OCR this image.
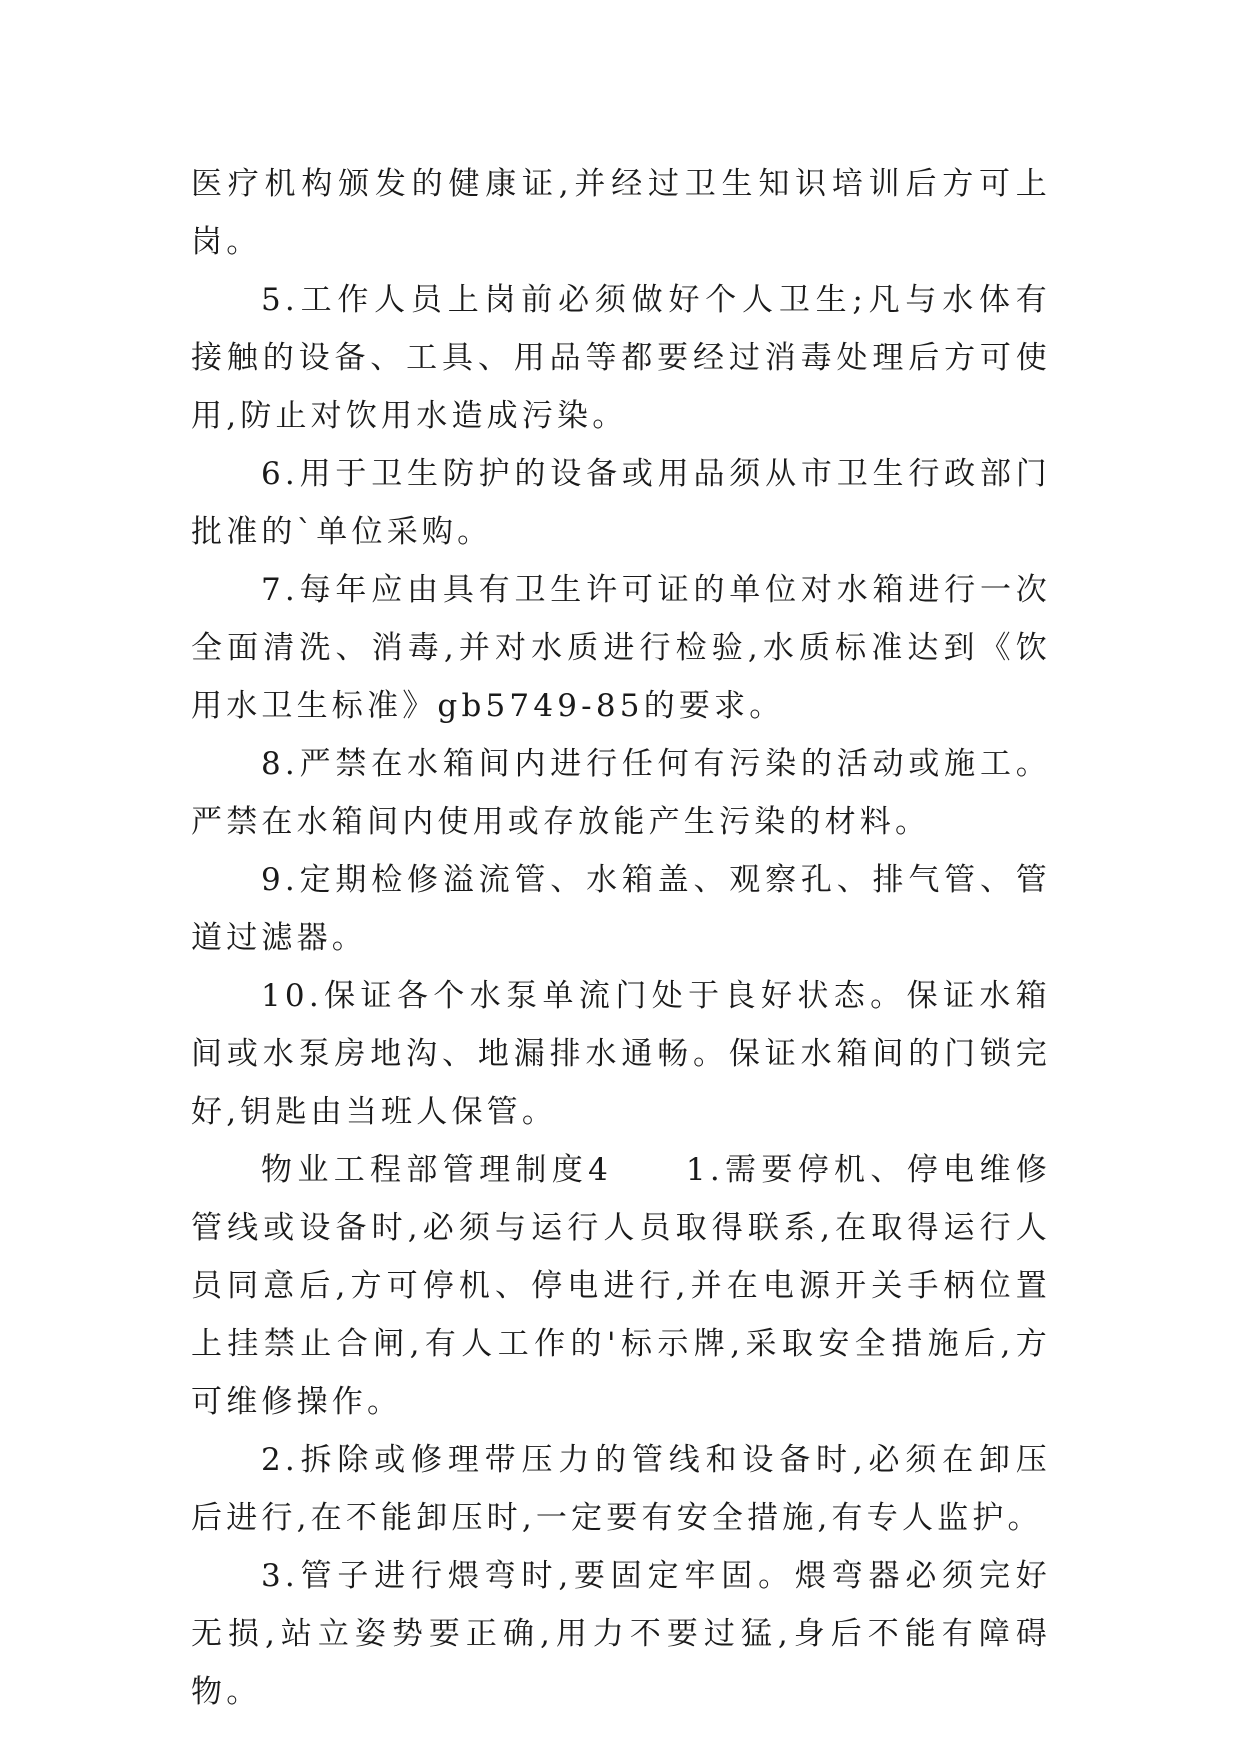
医疗机构颁发的健康证,并经过卫生知识培训后方可上岗。

5.工作人员上岗前必须做好个人卫生;凡与水体有接触的设备、工具、用品等都要经过消毒处理后方可使用,防止对饮用水造成污染。

6.用于卫生防护的设备或用品须从市卫生行政部门批准的`单位采购。

7.每年应由具有卫生许可证的单位对水箱进行一次全面清洗、消毒,并对水质进行检验,水质标准达到《饮用水卫生标准》gb5749-85的要求。

8.严禁在水箱间内进行任何有污染的活动或施工。严禁在水箱间内使用或存放能产生污染的材料。

9.定期检修溢流管、水箱盖、观察孔、排气管、管道过滤器。

10.保证各个水泵单流门处于良好状态。保证水箱间或水泵房地沟、地漏排水通畅。保证水箱间的门锁完好,钥匙由当班人保管。

物业工程部管理制度4　　1.需要停机、停电维修管线或设备时,必须与运行人员取得联系,在取得运行人员同意后,方可停机、停电进行,并在电源开关手柄位置上挂禁止合闸,有人工作的'标示牌,采取安全措施后,方可维修操作。

2.拆除或修理带压力的管线和设备时,必须在卸压后进行,在不能卸压时,一定要有安全措施,有专人监护。

3.管子进行煨弯时,要固定牢固。煨弯器必须完好无损,站立姿势要正确,用力不要过猛,身后不能有障碍物。
